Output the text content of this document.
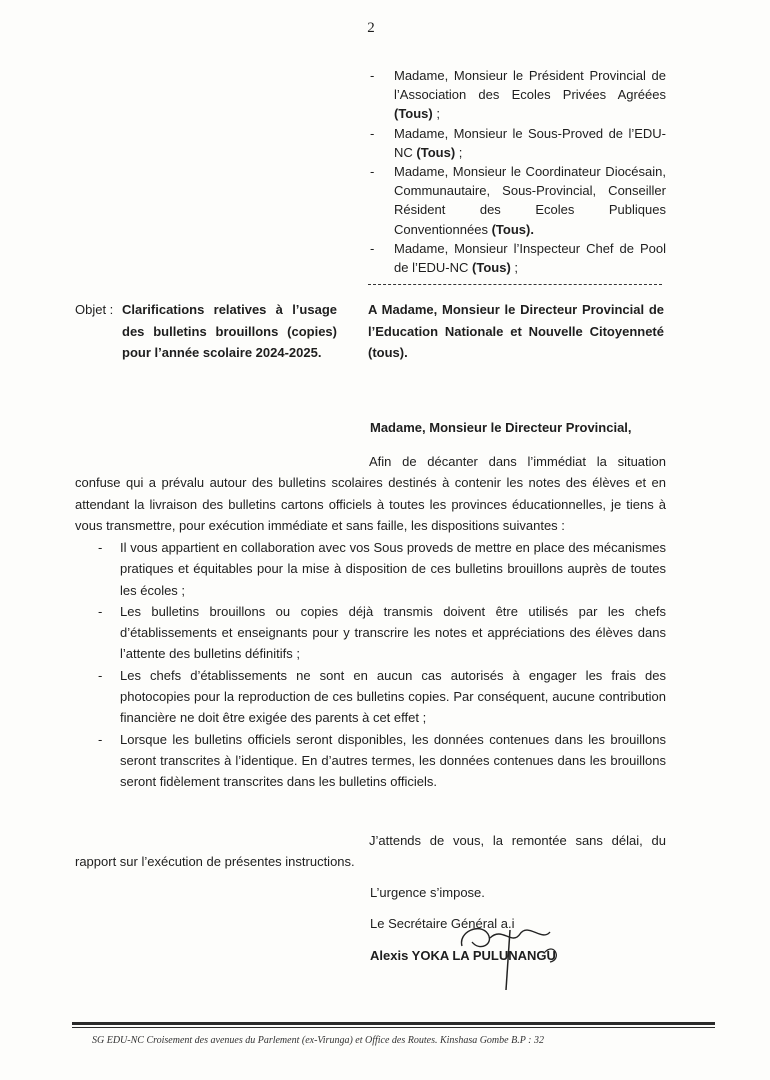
2
- Madame, Monsieur le Président Provincial de l’Association des Ecoles Privées Agréées (Tous) ;
- Madame, Monsieur le Sous-Proved de l’EDU-NC (Tous) ;
- Madame, Monsieur le Coordinateur Diocésain, Communautaire, Sous-Provincial, Conseiller Résident des Ecoles Publiques Conventionnées (Tous).
- Madame, Monsieur l’Inspecteur Chef de Pool de l’EDU-NC (Tous) ;
Objet : Clarifications relatives à l’usage des bulletins brouillons (copies) pour l’année scolaire 2024-2025.
A Madame, Monsieur le Directeur Provincial de l’Education Nationale et Nouvelle Citoyenneté (tous).
Madame, Monsieur le Directeur Provincial,
Afin de décanter dans l’immédiat la situation confuse qui a prévalu autour des bulletins scolaires destinés à contenir les notes des élèves et en attendant la livraison des bulletins cartons officiels à toutes les provinces éducationnelles, je tiens à vous transmettre, pour exécution immédiate et sans faille, les dispositions suivantes :
- Il vous appartient en collaboration avec vos Sous proveds de mettre en place des mécanismes pratiques et équitables pour la mise à disposition de ces bulletins brouillons auprès de toutes les écoles ;
- Les bulletins brouillons ou copies déjà transmis doivent être utilisés par les chefs d’établissements et enseignants pour y transcrire les notes et appréciations des élèves dans l’attente des bulletins définitifs ;
- Les chefs d’établissements ne sont en aucun cas autorisés à engager les frais des photocopies pour la reproduction de ces bulletins copies. Par conséquent, aucune contribution financière ne doit être exigée des parents à cet effet ;
- Lorsque les bulletins officiels seront disponibles, les données contenues dans les brouillons seront transcrites à l’identique. En d’autres termes, les données contenues dans les brouillons seront fidèlement transcrites dans les bulletins officiels.
J’attends de vous, la remontée sans délai, du rapport sur l’exécution de présentes instructions.
L’urgence s’impose.
Le Secrétaire Général a.i
Alexis YOKA LA PULUNANGU
SG EDU-NC Croisement des avenues du Parlement (ex-Virunga) et Office des Routes. Kinshasa Gombe B.P : 32
